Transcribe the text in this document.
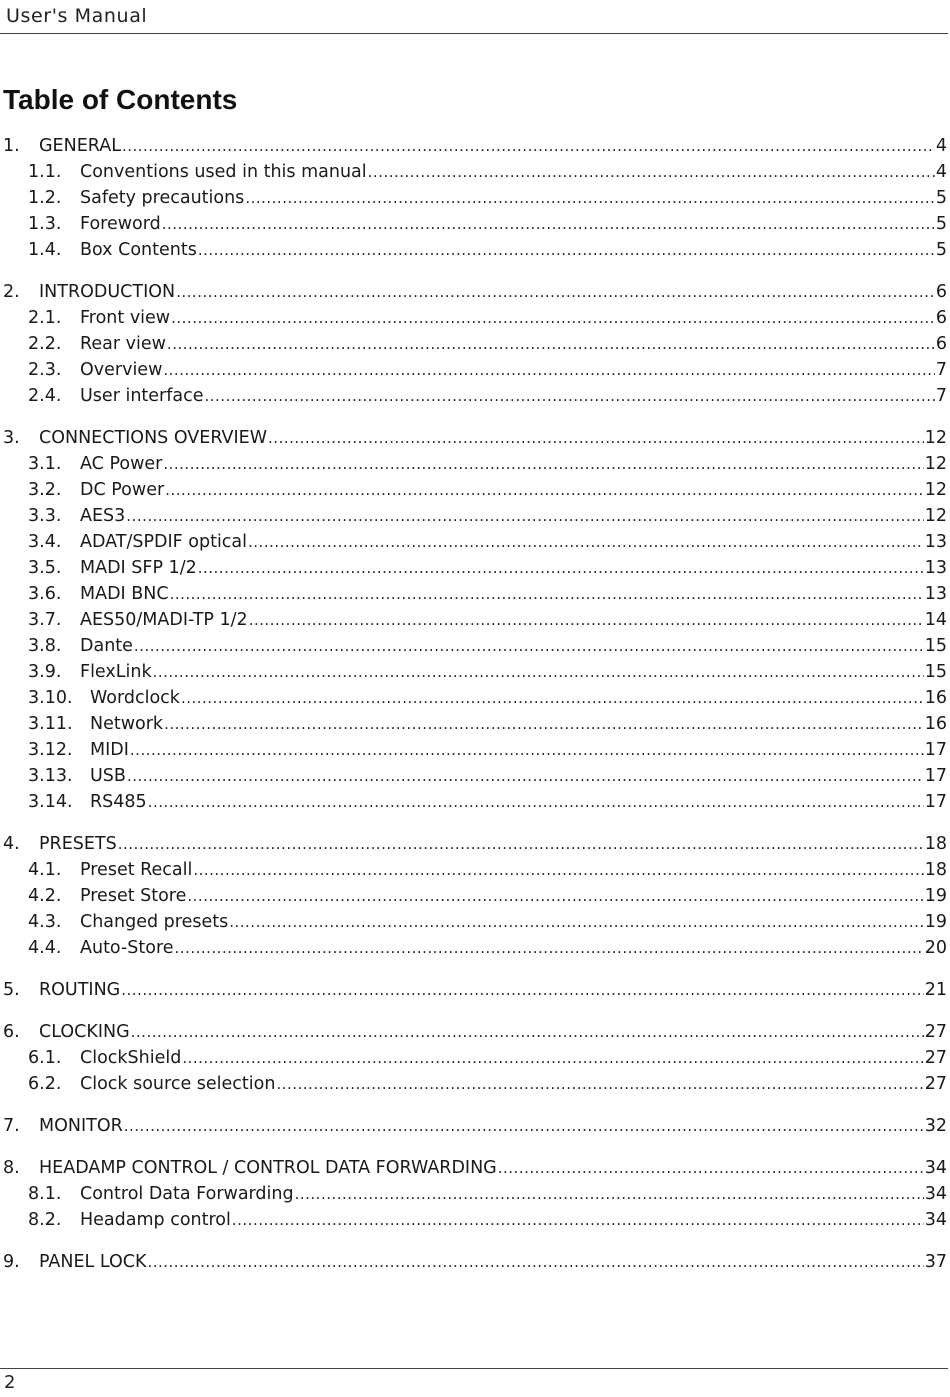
User's Manual
Table of Contents
1.	GENERAL .....	4
1.1.	Conventions used in this manual .....	4
1.2.	Safety precautions .....	5
1.3.	Foreword .....	5
1.4.	Box Contents .....	5
2.	INTRODUCTION .....	6
2.1.	Front view .....	6
2.2.	Rear view .....	6
2.3.	Overview .....	7
2.4.	User interface .....	7
3.	CONNECTIONS OVERVIEW .....	12
3.1.	AC Power .....	12
3.2.	DC Power .....	12
3.3.	AES3 .....	12
3.4.	ADAT/SPDIF optical .....	13
3.5.	MADI SFP 1/2 .....	13
3.6.	MADI BNC .....	13
3.7.	AES50/MADI-TP 1/2 .....	14
3.8.	Dante .....	15
3.9.	FlexLink .....	15
3.10. Wordclock .....	16
3.11. Network .....	16
3.12. MIDI .....	17
3.13. USB .....	17
3.14. RS485 .....	17
4.	PRESETS .....	18
4.1.	Preset Recall .....	18
4.2.	Preset Store .....	19
4.3.	Changed presets .....	19
4.4.	Auto-Store .....	20
5.	ROUTING .....	21
6.	CLOCKING .....	27
6.1.	ClockShield .....	27
6.2.	Clock source selection .....	27
7.	MONITOR .....	32
8.	HEADAMP CONTROL / CONTROL DATA FORWARDING .....	34
8.1.	Control Data Forwarding .....	34
8.2.	Headamp control .....	34
9.	PANEL LOCK .....	37
2
